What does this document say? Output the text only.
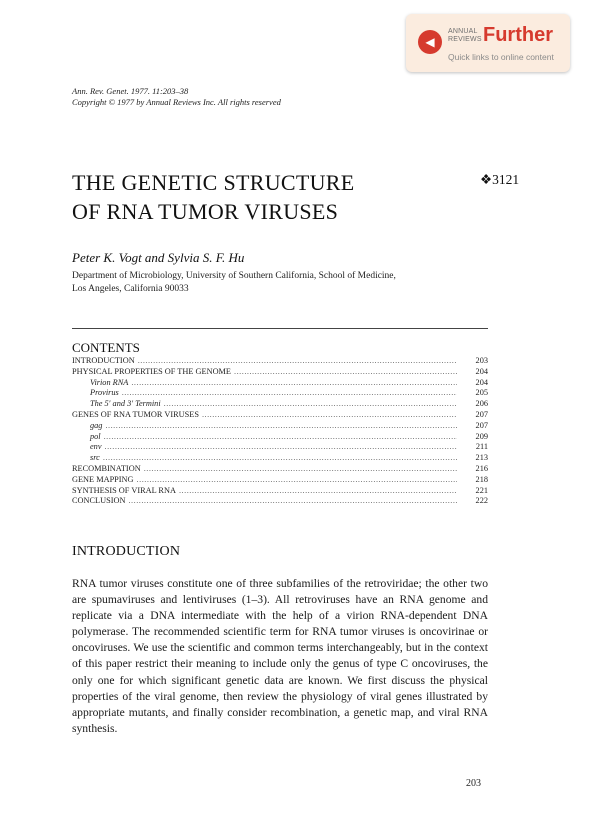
◀
ANNUAL
REVIEWS Further
Quick links to online content
Ann. Rev. Genet. 1977. 11:203–38
Copyright © 1977 by Annual Reviews Inc. All rights reserved
THE GENETIC STRUCTURE
OF RNA TUMOR VIRUSES
❖3121
Peter K. Vogt and Sylvia S. F. Hu
Department of Microbiology, University of Southern California, School of Medicine,
Los Angeles, California 90033
CONTENTS
INTRODUCTION .....	203
PHYSICAL PROPERTIES OF THE GENOME .....	204
Virion RNA .....	204
Provirus .....	205
The 5′ and 3′ Termini .....	206
GENES OF RNA TUMOR VIRUSES .....	207
gag .....	207
pol .....	209
env .....	211
src .....	213
RECOMBINATION .....	216
GENE MAPPING .....	218
SYNTHESIS OF VIRAL RNA .....	221
CONCLUSION .....	222
INTRODUCTION

RNA tumor viruses constitute one of three subfamilies of the retroviridae; the other two are spumaviruses and lentiviruses (1–3). All retroviruses have an RNA genome and replicate via a DNA intermediate with the help of a virion RNA-dependent DNA polymerase. The recommended scientific term for RNA tumor viruses is oncovirinae or oncoviruses. We use the scientific and common terms interchangeably, but in the context of this paper restrict their meaning to include only the genus of type C oncoviruses, the only one for which significant genetic data are known. We first discuss the physical properties of the viral genome, then review the physiology of viral genes illustrated by appropriate mutants, and finally consider recombination, a genetic map, and viral RNA synthesis.

203
